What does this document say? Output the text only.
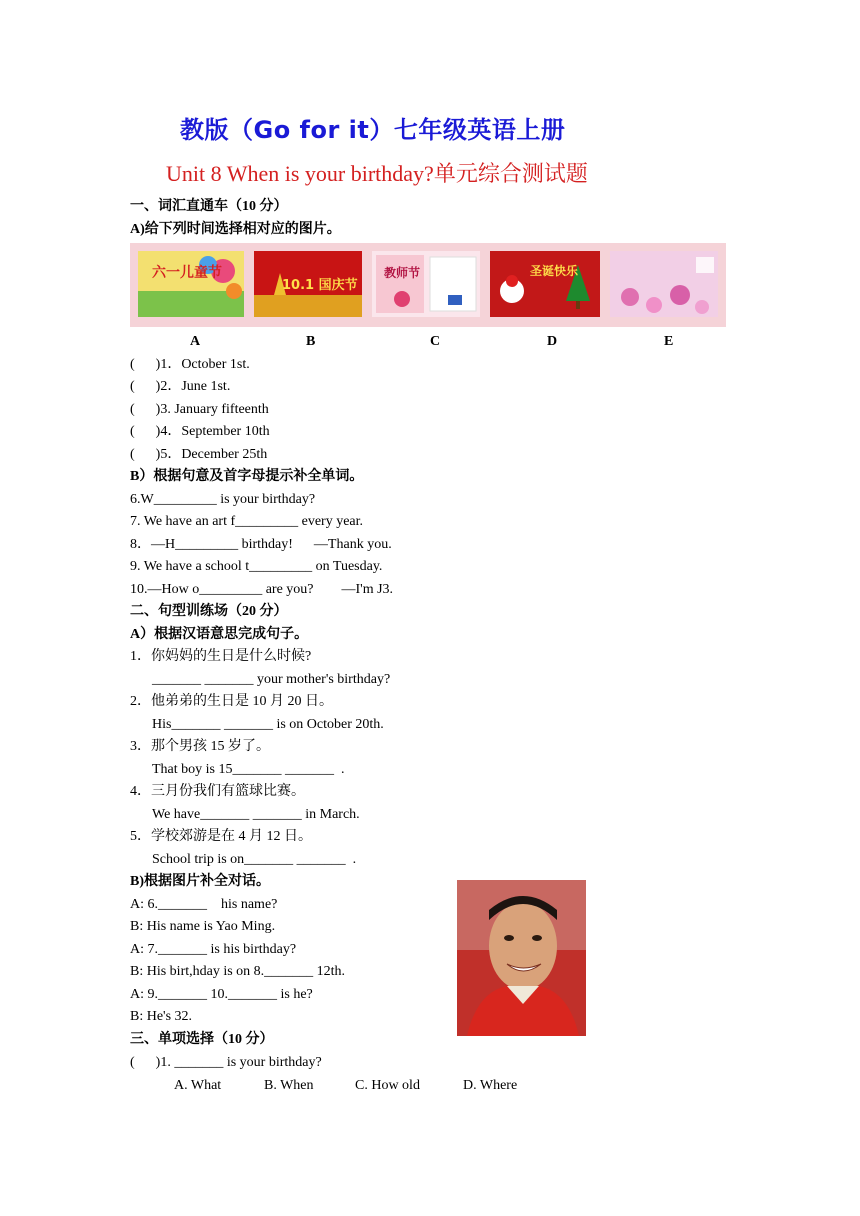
教版（Go for it）七年级英语上册
Unit 8 When is your birthday?单元综合测试题
一、词汇直通车（10 分）
A)给下列时间选择相对应的图片。
六一儿童节
10.1 国庆节
教师节	圣诞快乐
A	B	C	D	E
(      )1．October 1st.
(      )2．June 1st.
(      )3. January fifteenth
(      )4．September 10th
(      )5．December 25th
B）根据句意及首字母提示补全单词。
6.W_________ is your birthday?
7. We have an art f_________ every year.
8．—H_________ birthday!      —Thank you.
9. We have a school t_________ on Tuesday.
10.—How o_________ are you?        —I'm J3.
二、句型训练场（20 分）
A）根据汉语意思完成句子。
1．你妈妈的生日是什么时候?
_______ _______ your mother's birthday?
2．他弟弟的生日是 10 月 20 日。
His_______ _______ is on October 20th.
3．那个男孩 15 岁了。
That boy is 15_______ _______  .
4．三月份我们有篮球比赛。
We have_______ _______ in March.
5．学校郊游是在 4 月 12 日。
School trip is on_______ _______  .
B)根据图片补全对话。
A: 6._______    his name?
B: His name is Yao Ming.
A: 7._______ is his birthday?
B: His birt,hday is on 8._______ 12th.
A: 9._______ 10._______ is he?
B: He's 32.
三、单项选择（10 分）
(      )1. _______ is your birthday?
A. What	B. When	C. How old	D. Where
